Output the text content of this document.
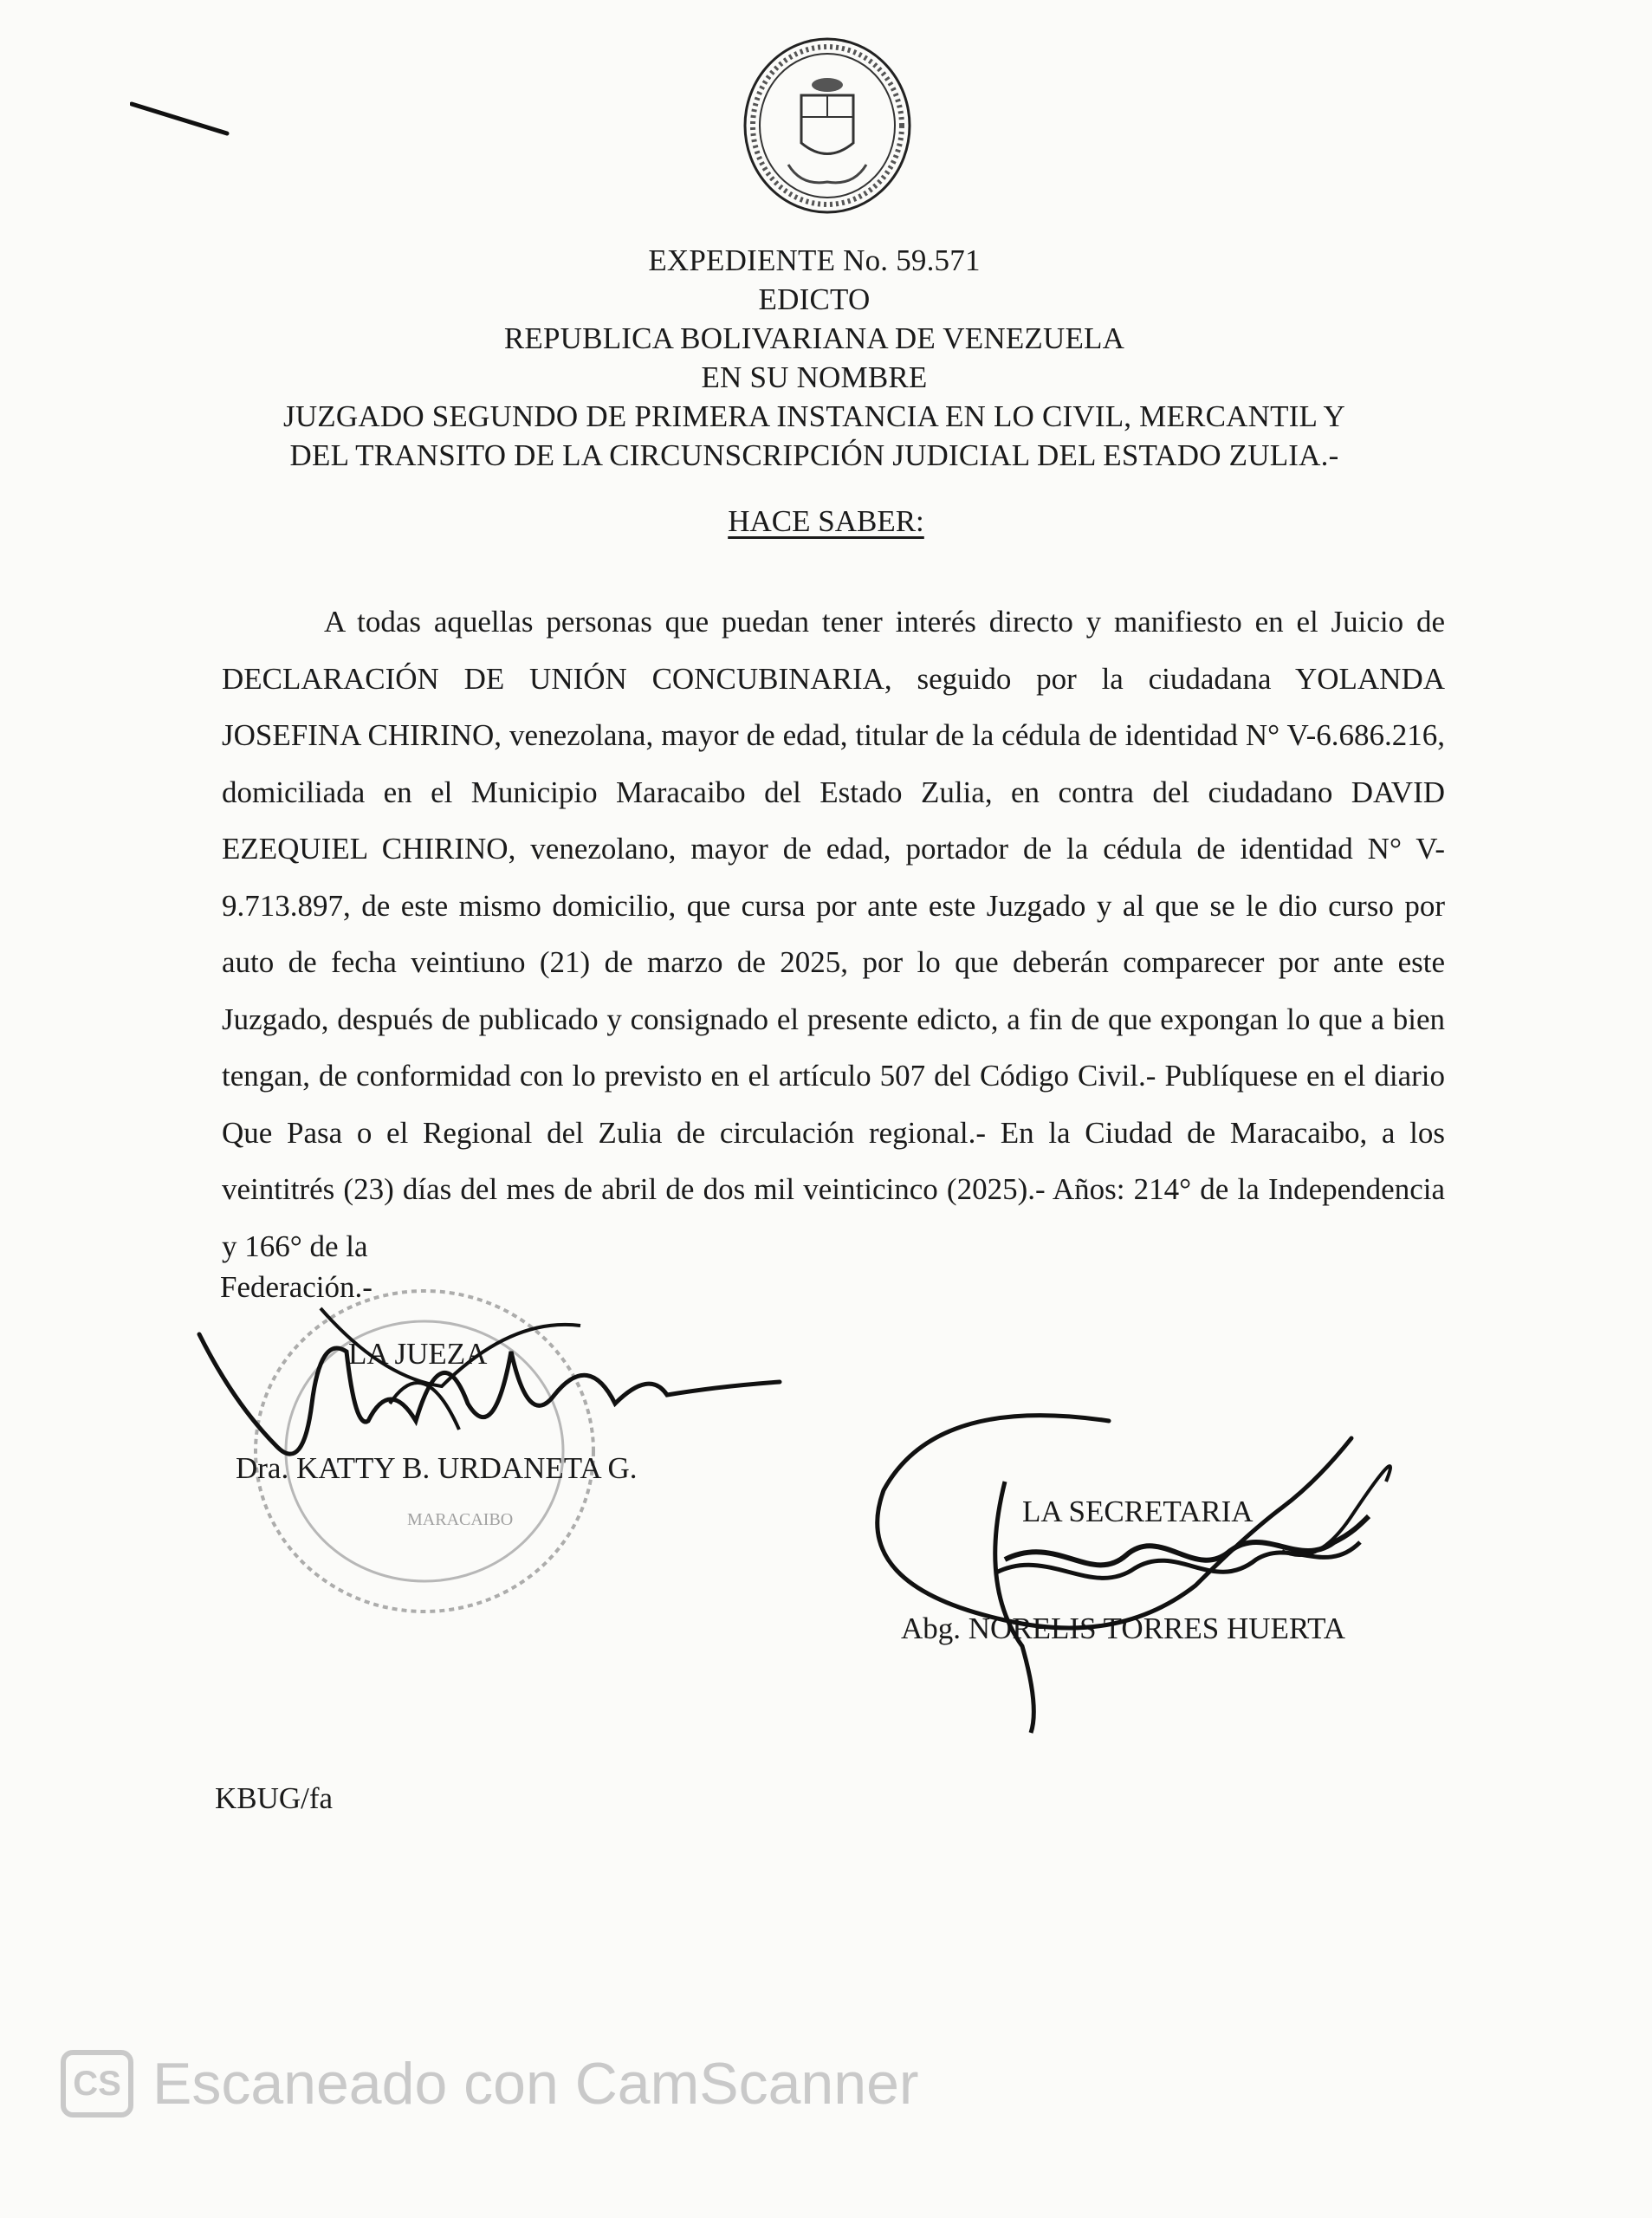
EXPEDIENTE No. 59.571
EDICTO
REPUBLICA BOLIVARIANA DE VENEZUELA
EN SU NOMBRE
JUZGADO SEGUNDO DE PRIMERA INSTANCIA EN LO CIVIL, MERCANTIL Y
DEL TRANSITO DE LA CIRCUNSCRIPCIÓN JUDICIAL DEL ESTADO ZULIA.-
HACE SABER:
A todas aquellas personas que puedan tener interés directo y manifiesto en el Juicio de DECLARACIÓN DE UNIÓN CONCUBINARIA, seguido por la ciudadana YOLANDA JOSEFINA CHIRINO, venezolana, mayor de edad, titular de la cédula de identidad N° V-6.686.216, domiciliada en el Municipio Maracaibo del Estado Zulia, en contra del ciudadano DAVID EZEQUIEL CHIRINO, venezolano, mayor de edad, portador de la cédula de identidad N° V-9.713.897, de este mismo domicilio, que cursa por ante este Juzgado y al que se le dio curso por auto de fecha veintiuno (21) de marzo de 2025, por lo que deberán comparecer por ante este Juzgado, después de publicado y consignado el presente edicto, a fin de que expongan lo que a bien tengan, de conformidad con lo previsto en el artículo 507 del Código Civil.- Publíquese en el diario Que Pasa o el Regional del Zulia de circulación regional.- En la Ciudad de Maracaibo, a los veintitrés (23) días del mes de abril de dos mil veinticinco (2025).- Años: 214° de la Independencia y 166° de la
Federación.-
MARACAIBO
LA JUEZA
Dra. KATTY B. URDANETA G.
LA SECRETARIA
Abg. NORELIS TORRES HUERTA
KBUG/fa
CS Escaneado con CamScanner
